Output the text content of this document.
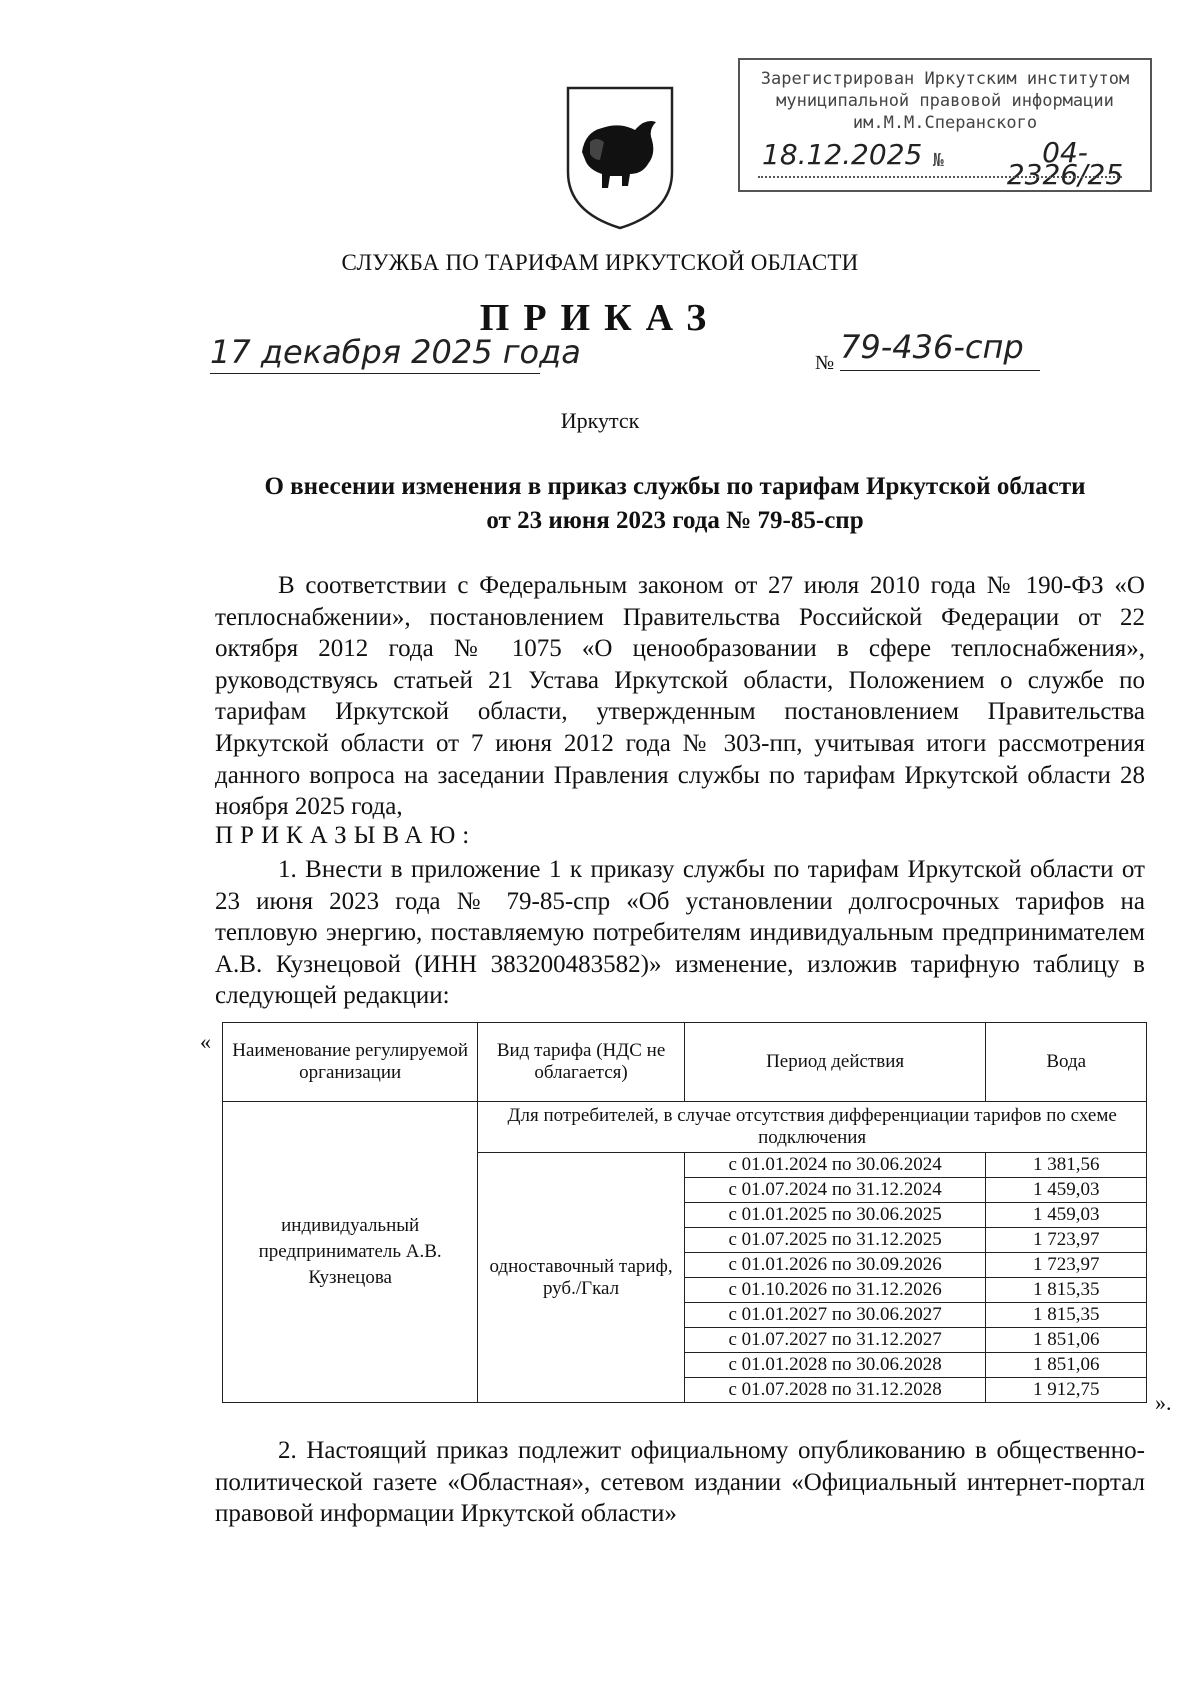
Зарегистрирован Иркутским институтом
муниципальной правовой информации
им.М.М.Сперанского
18.12.2025 №	04-2326/25
СЛУЖБА ПО ТАРИФАМ ИРКУТСКОЙ ОБЛАСТИ
ПРИКАЗ
17 декабря 2025 года	№ 79-436-спр
Иркутск
О внесении изменения в приказ службы по тарифам Иркутской области
от 23 июня 2023 года № 79-85-спр
В соответствии с Федеральным законом от 27 июля 2010 года № 190-ФЗ «О теплоснабжении», постановлением Правительства Российской Федерации от 22 октября 2012 года № 1075 «О ценообразовании в сфере теплоснабжения», руководствуясь статьей 21 Устава Иркутской области, Положением о службе по тарифам Иркутской области, утвержденным постановлением Правительства Иркутской области от 7 июня 2012 года № 303-пп, учитывая итоги рассмотрения данного вопроса на заседании Правления службы по тарифам Иркутской области 28 ноября 2025 года,
ПРИКАЗЫВАЮ:
1. Внести в приложение 1 к приказу службы по тарифам Иркутской области от 23 июня 2023 года № 79-85-спр «Об установлении долгосрочных тарифов на тепловую энергию, поставляемую потребителям индивидуальным предпринимателем А.В. Кузнецовой (ИНН 383200483582)» изменение, изложив тарифную таблицу в следующей редакции:
« Наименование регулируемой организации	Вид тарифа (НДС не облагается)	Период действия	Вода
индивидуальный предприниматель А.В. Кузнецова	Для потребителей, в случае отсутствия дифференциации тарифов по схеме подключения		
	одноставочный тариф, руб./Гкал	с 01.01.2024 по 30.06.2024	1 381,56
		с 01.07.2024 по 31.12.2024	1 459,03
		с 01.01.2025 по 30.06.2025	1 459,03
		с 01.07.2025 по 31.12.2025	1 723,97
		с 01.01.2026 по 30.09.2026	1 723,97
		с 01.10.2026 по 31.12.2026	1 815,35
		с 01.01.2027 по 30.06.2027	1 815,35
		с 01.07.2027 по 31.12.2027	1 851,06
		с 01.01.2028 по 30.06.2028	1 851,06
		с 01.07.2028 по 31.12.2028	1 912,75
».
2. Настоящий приказ подлежит официальному опубликованию в общественно-политической газете «Областная», сетевом издании «Официальный интернет-портал правовой информации Иркутской области»
